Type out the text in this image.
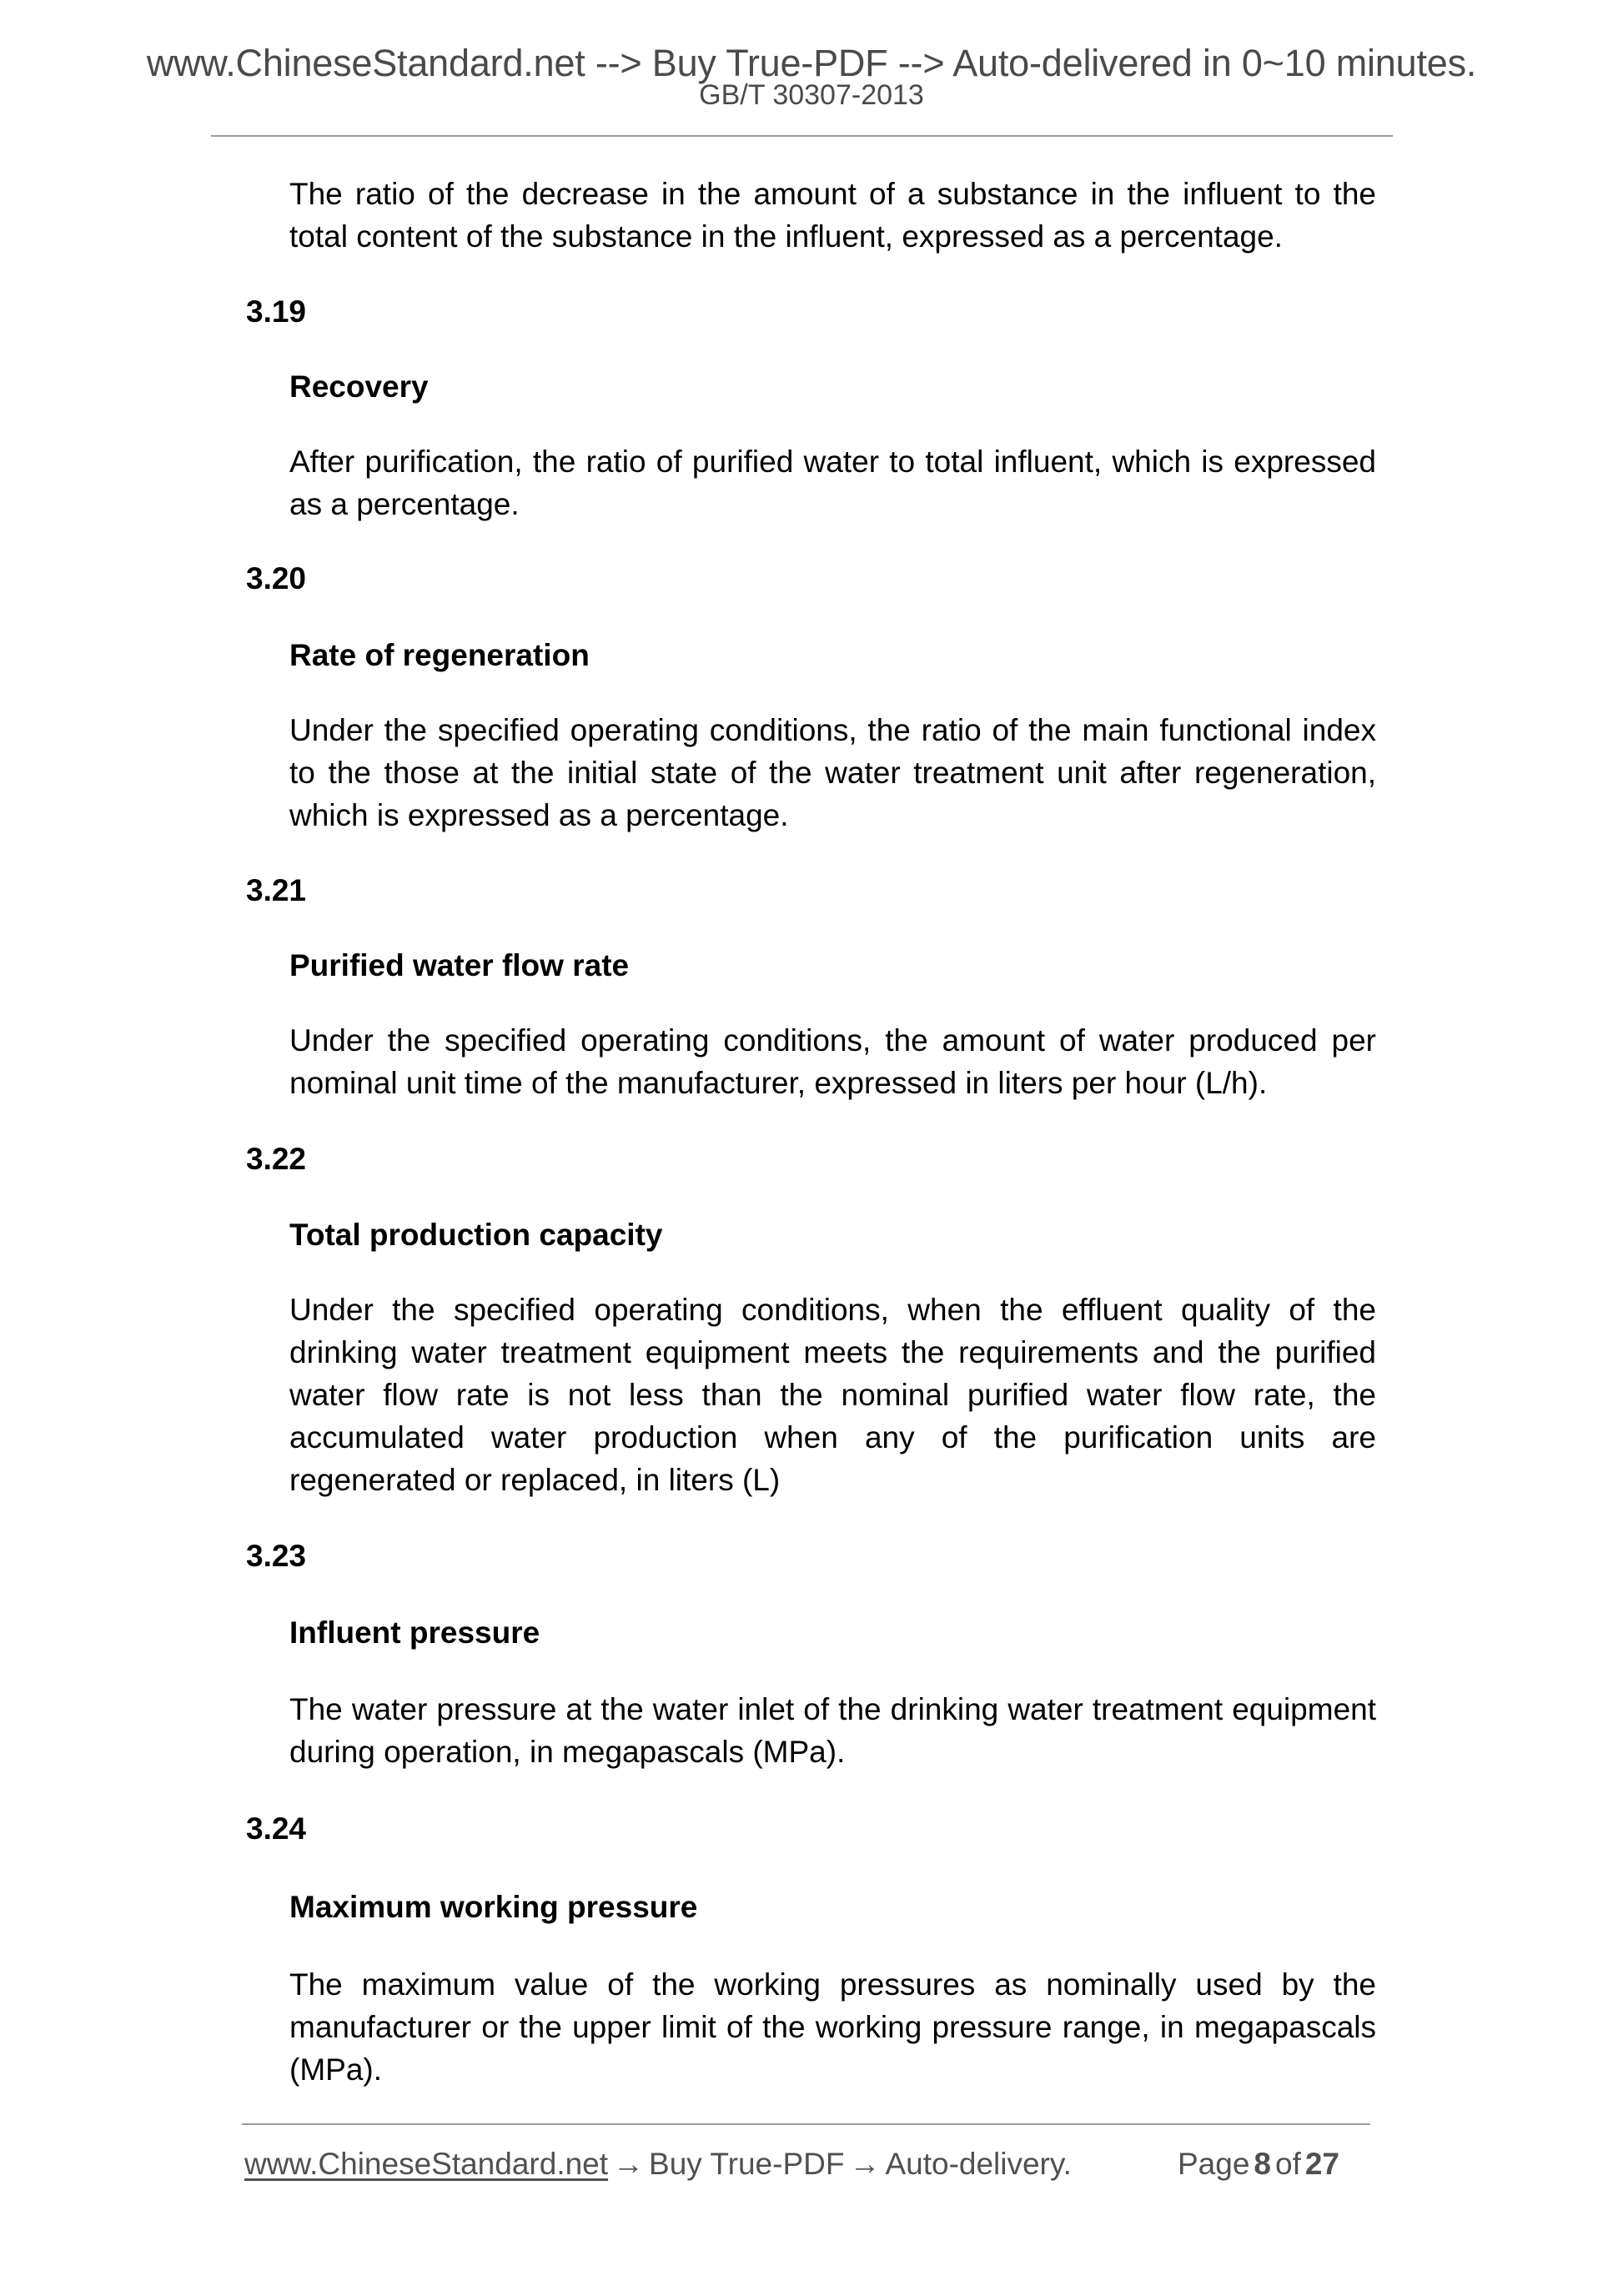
www.ChineseStandard.net --> Buy True-PDF --> Auto-delivered in 0~10 minutes.
GB/T 30307-2013
The ratio of the decrease in the amount of a substance in the influent to the total content of the substance in the influent, expressed as a percentage.
3.19
Recovery
After purification, the ratio of purified water to total influent, which is expressed as a percentage.
3.20
Rate of regeneration
Under the specified operating conditions, the ratio of the main functional index to the those at the initial state of the water treatment unit after regeneration, which is expressed as a percentage.
3.21
Purified water flow rate
Under the specified operating conditions, the amount of water produced per nominal unit time of the manufacturer, expressed in liters per hour (L/h).
3.22
Total production capacity
Under the specified operating conditions, when the effluent quality of the drinking water treatment equipment meets the requirements and the purified water flow rate is not less than the nominal purified water flow rate, the accumulated water production when any of the purification units are regenerated or replaced, in liters (L)
3.23
Influent pressure
The water pressure at the water inlet of the drinking water treatment equipment during operation, in megapascals (MPa).
3.24
Maximum working pressure
The maximum value of the working pressures as nominally used by the manufacturer or the upper limit of the working pressure range, in megapascals (MPa).
www.ChineseStandard.net → Buy True-PDF → Auto-delivery.	Page 8 of 27
